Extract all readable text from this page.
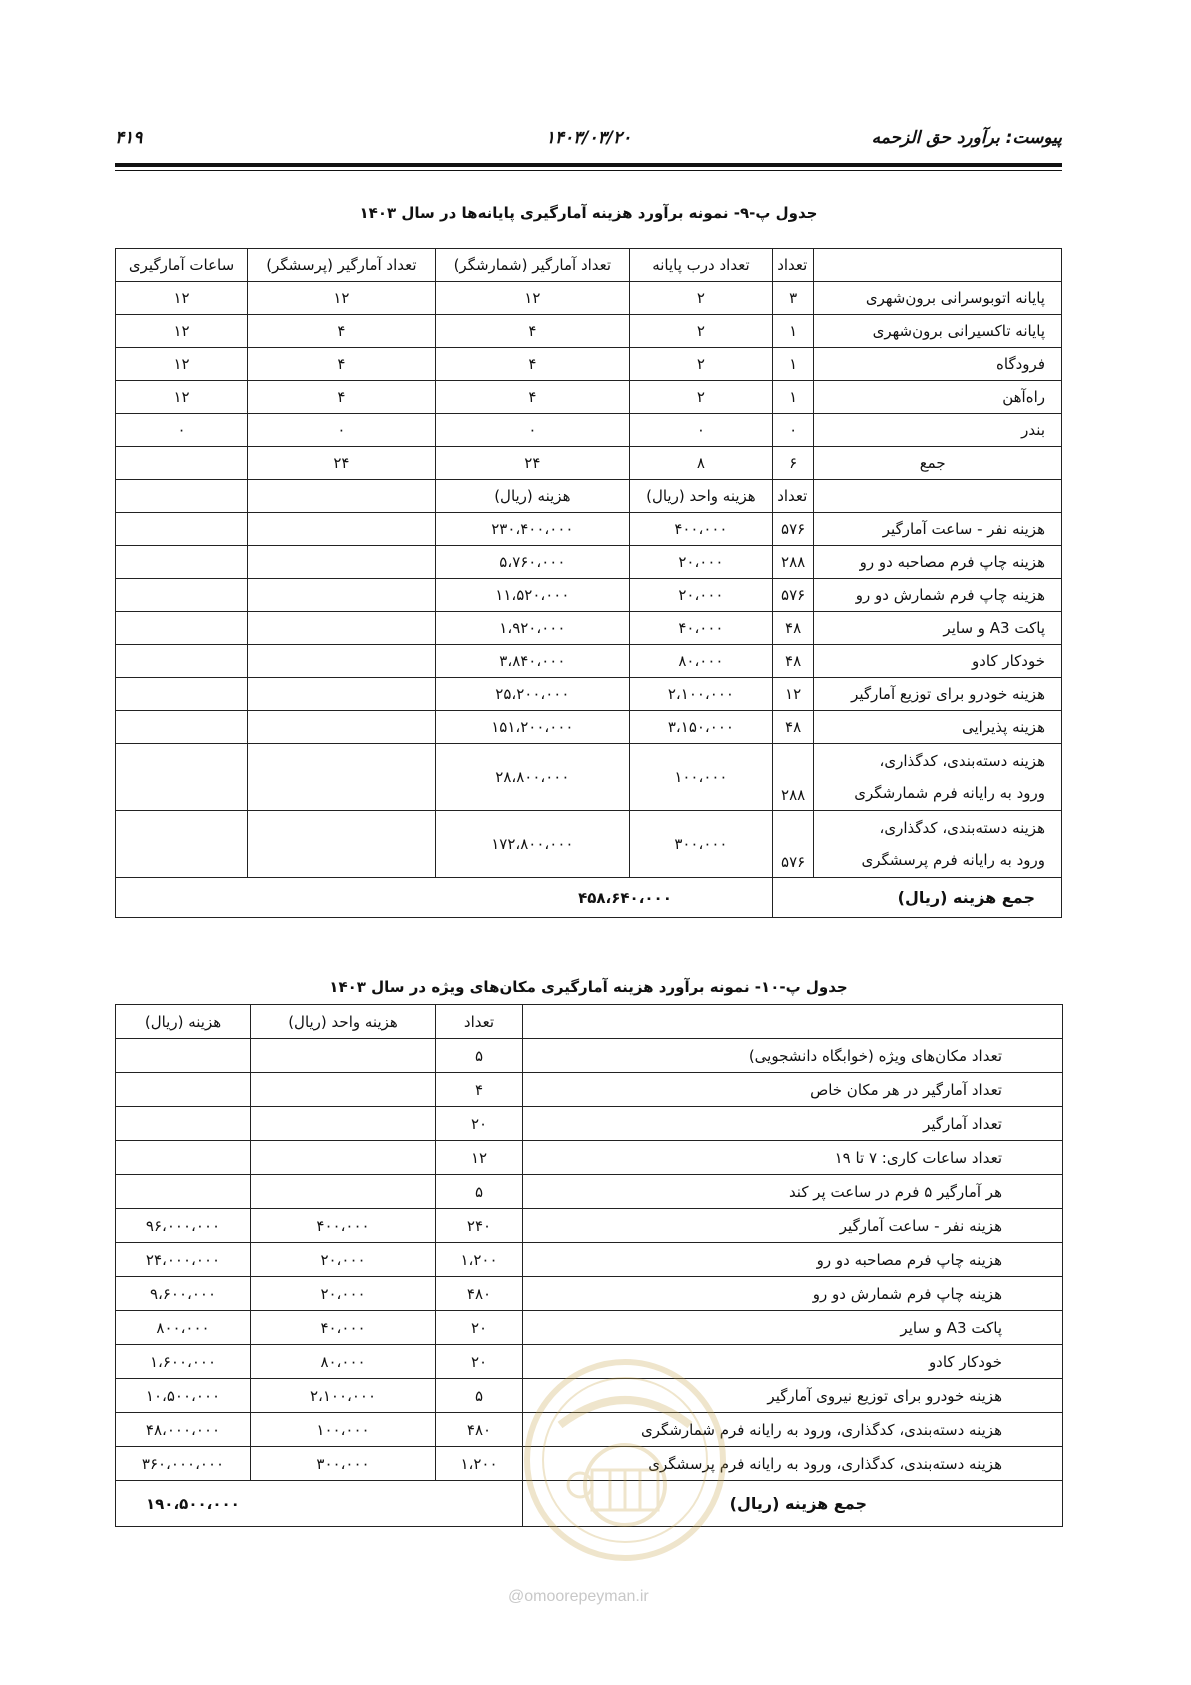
پیوست: برآورد حق الزحمه
۱۴۰۳/۰۳/۲۰
۴۱۹
جدول پ-۹- نمونه برآورد هزینه آمارگیری پایانه‌ها در سال ۱۴۰۳
	تعداد	تعداد درب پایانه	تعداد آمارگیر (شمارشگر)	تعداد آمارگیر (پرسشگر)	ساعات آمارگیری
پایانه اتوبوسرانی برون‌شهری	۳	۲	۱۲	۱۲	۱۲
پایانه تاکسیرانی برون‌شهری	۱	۲	۴	۴	۱۲
فرودگاه	۱	۲	۴	۴	۱۲
راه‌آهن	۱	۲	۴	۴	۱۲
بندر	۰	۰	۰	۰	۰
جمع	۶	۸	۲۴	۲۴	
	تعداد	هزینه واحد (ریال)	هزینه (ریال)		
هزینه نفر - ساعت آمارگیر	۵۷۶	۴۰۰،۰۰۰	۲۳۰،۴۰۰،۰۰۰		
هزینه چاپ فرم مصاحبه دو رو	۲۸۸	۲۰،۰۰۰	۵،۷۶۰،۰۰۰		
هزینه چاپ فرم شمارش دو رو	۵۷۶	۲۰،۰۰۰	۱۱،۵۲۰،۰۰۰		
پاکت A3 و سایر	۴۸	۴۰،۰۰۰	۱،۹۲۰،۰۰۰		
خودکار کادو	۴۸	۸۰،۰۰۰	۳،۸۴۰،۰۰۰		
هزینه خودرو برای توزیع آمارگیر	۱۲	۲،۱۰۰،۰۰۰	۲۵،۲۰۰،۰۰۰		
هزینه پذیرایی	۴۸	۳،۱۵۰،۰۰۰	۱۵۱،۲۰۰،۰۰۰		

هزینه دسته‌بندی، کدگذاری،
ورود به رایانه فرم شمارشگری	۲۸۸	۱۰۰،۰۰۰	۲۸،۸۰۰،۰۰۰		

هزینه دسته‌بندی، کدگذاری،
ورود به رایانه فرم پرسشگری	۵۷۶	۳۰۰،۰۰۰	۱۷۲،۸۰۰،۰۰۰		
جمع هزینه (ریال)		۴۵۸،۶۴۰،۰۰۰			
جدول پ-۱۰- نمونه برآورد هزینه آمارگیری مکان‌های ویژه در سال ۱۴۰۳
	تعداد	هزینه واحد (ریال)	هزینه (ریال)
تعداد مکان‌های ویژه (خوابگاه دانشجویی)	۵		
تعداد آمارگیر در هر مکان خاص	۴		
تعداد آمارگیر	۲۰		
تعداد ساعات کاری: ۷ تا ۱۹	۱۲		
هر آمارگیر ۵ فرم در ساعت پر کند	۵		
هزینه نفر - ساعت آمارگیر	۲۴۰	۴۰۰،۰۰۰	۹۶،۰۰۰،۰۰۰
هزینه چاپ فرم مصاحبه دو رو	۱،۲۰۰	۲۰،۰۰۰	۲۴،۰۰۰،۰۰۰
هزینه چاپ فرم شمارش دو رو	۴۸۰	۲۰،۰۰۰	۹،۶۰۰،۰۰۰
پاکت A3 و سایر	۲۰	۴۰،۰۰۰	۸۰۰،۰۰۰
خودکار کادو	۲۰	۸۰،۰۰۰	۱،۶۰۰،۰۰۰
هزینه خودرو برای توزیع نیروی آمارگیر	۵	۲،۱۰۰،۰۰۰	۱۰،۵۰۰،۰۰۰
هزینه دسته‌بندی، کدگذاری، ورود به رایانه فرم شمارشگری	۴۸۰	۱۰۰،۰۰۰	۴۸،۰۰۰،۰۰۰
هزینه دسته‌بندی، کدگذاری، ورود به رایانه فرم پرسشگری	۱،۲۰۰	۳۰۰،۰۰۰	۳۶۰،۰۰۰،۰۰۰
جمع هزینه (ریال)	۱۹۰،۵۰۰،۰۰۰		
@omoorepeyman.ir
